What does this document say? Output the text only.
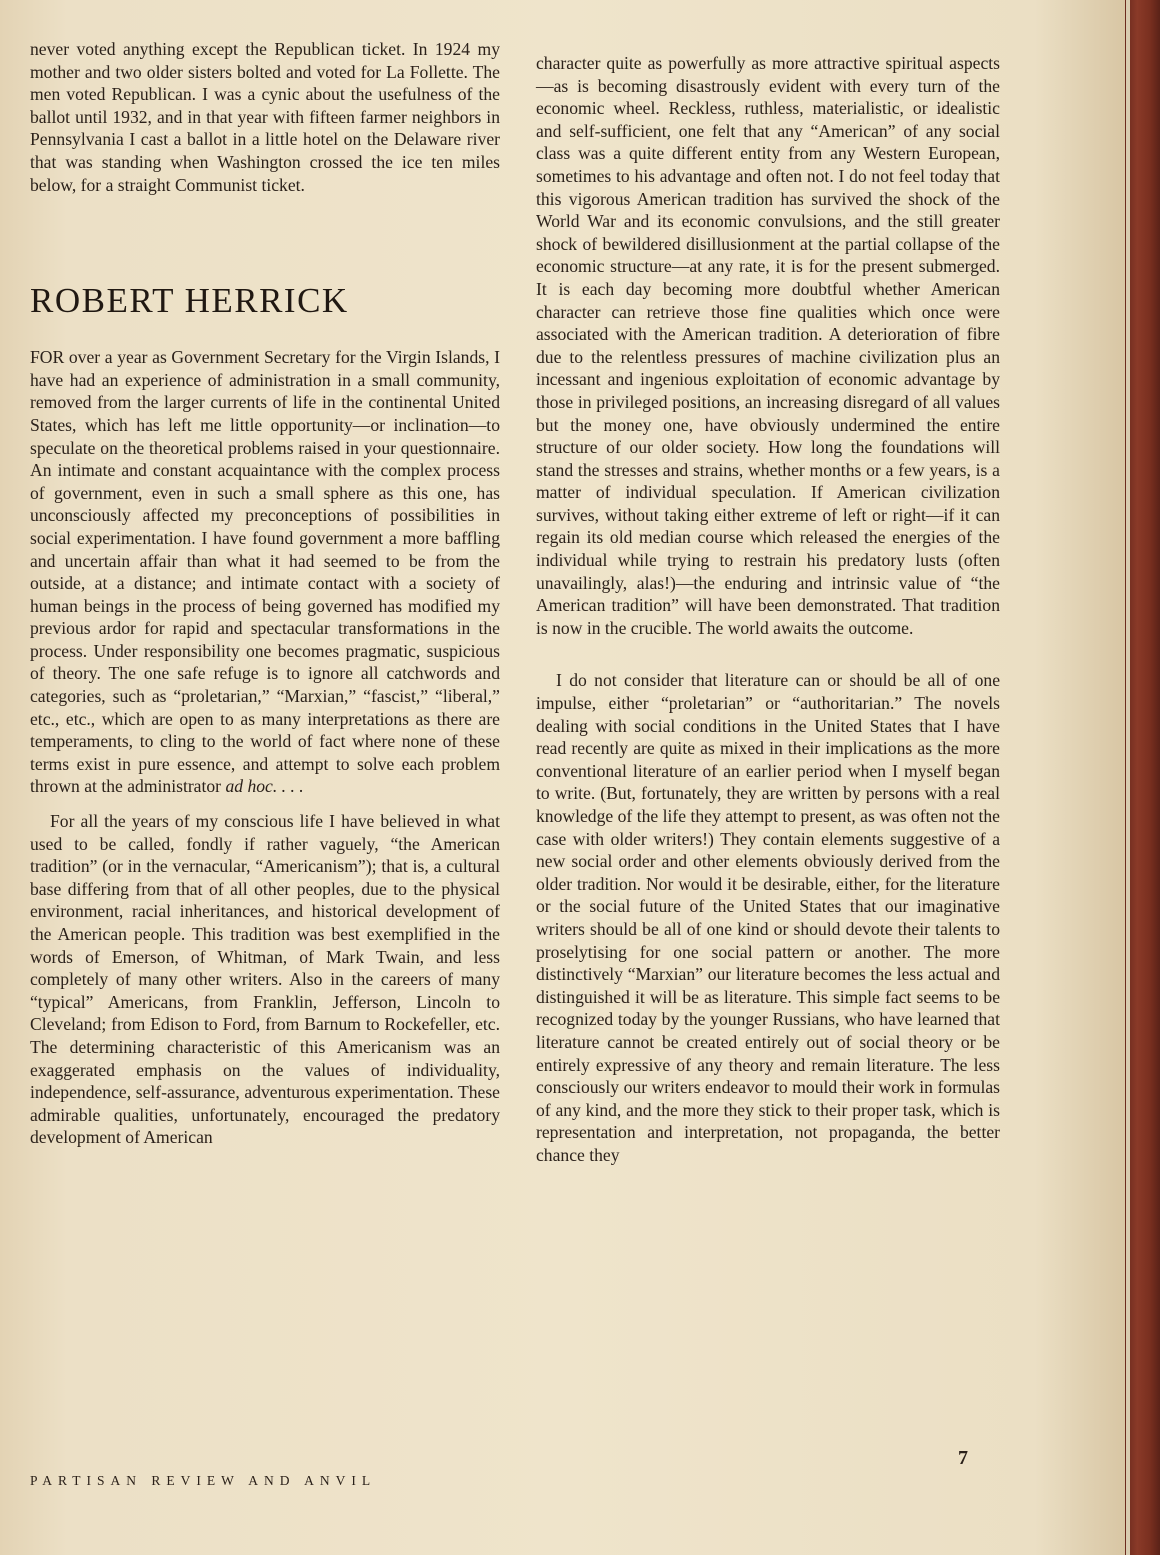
never voted anything except the Republican ticket. In 1924 my mother and two older sisters bolted and voted for La Follette. The men voted Republican. I was a cynic about the usefulness of the ballot until 1932, and in that year with fifteen farmer neighbors in Pennsylvania I cast a ballot in a little hotel on the Delaware river that was standing when Washington crossed the ice ten miles below, for a straight Communist ticket.

ROBERT HERRICK

FOR over a year as Government Secretary for the Virgin Islands, I have had an experience of administration in a small community, removed from the larger currents of life in the continental United States, which has left me little opportunity—or inclination—to speculate on the theoretical problems raised in your questionnaire. An intimate and constant acquaintance with the complex process of government, even in such a small sphere as this one, has unconsciously affected my preconceptions of possibilities in social experimentation. I have found government a more baffling and uncertain affair than what it had seemed to be from the outside, at a distance; and intimate contact with a society of human beings in the process of being governed has modified my previous ardor for rapid and spectacular transformations in the process. Under responsibility one becomes pragmatic, suspicious of theory. The one safe refuge is to ignore all catchwords and categories, such as “proletarian,” “Marxian,” “fascist,” “liberal,” etc., etc., which are open to as many interpretations as there are temperaments, to cling to the world of fact where none of these terms exist in pure essence, and attempt to solve each problem thrown at the administrator ad hoc. . . .

For all the years of my conscious life I have believed in what used to be called, fondly if rather vaguely, “the American tradition” (or in the vernacular, “Americanism”); that is, a cultural base differing from that of all other peoples, due to the physical environment, racial inheritances, and historical development of the American people. This tradition was best exemplified in the words of Emerson, of Whitman, of Mark Twain, and less completely of many other writers. Also in the careers of many “typical” Americans, from Franklin, Jefferson, Lincoln to Cleveland; from Edison to Ford, from Barnum to Rockefeller, etc. The determining characteristic of this Americanism was an exaggerated emphasis on the values of individuality, independence, self-assurance, adventurous experimentation. These admirable qualities, unfortunately, encouraged the predatory development of American

PARTISAN REVIEW AND ANVIL

character quite as powerfully as more attractive spiritual aspects—as is becoming disastrously evident with every turn of the economic wheel. Reckless, ruthless, materialistic, or idealistic and self-sufficient, one felt that any “American” of any social class was a quite different entity from any Western European, sometimes to his advantage and often not. I do not feel today that this vigorous American tradition has survived the shock of the World War and its economic convulsions, and the still greater shock of bewildered disillusionment at the partial collapse of the economic structure—at any rate, it is for the present submerged. It is each day becoming more doubtful whether American character can retrieve those fine qualities which once were associated with the American tradition. A deterioration of fibre due to the relentless pressures of machine civilization plus an incessant and ingenious exploitation of economic advantage by those in privileged positions, an increasing disregard of all values but the money one, have obviously undermined the entire structure of our older society. How long the foundations will stand the stresses and strains, whether months or a few years, is a matter of individual speculation. If American civilization survives, without taking either extreme of left or right—if it can regain its old median course which released the energies of the individual while trying to restrain his predatory lusts (often unavailingly, alas!)—the enduring and intrinsic value of “the American tradition” will have been demonstrated. That tradition is now in the crucible. The world awaits the outcome.

I do not consider that literature can or should be all of one impulse, either “proletarian” or “authoritarian.” The novels dealing with social conditions in the United States that I have read recently are quite as mixed in their implications as the more conventional literature of an earlier period when I myself began to write. (But, fortunately, they are written by persons with a real knowledge of the life they attempt to present, as was often not the case with older writers!) They contain elements suggestive of a new social order and other elements obviously derived from the older tradition. Nor would it be desirable, either, for the literature or the social future of the United States that our imaginative writers should be all of one kind or should devote their talents to proselytising for one social pattern or another. The more distinctively “Marxian” our literature becomes the less actual and distinguished it will be as literature. This simple fact seems to be recognized today by the younger Russians, who have learned that literature cannot be created entirely out of social theory or be entirely expressive of any theory and remain literature. The less consciously our writers endeavor to mould their work in formulas of any kind, and the more they stick to their proper task, which is representation and interpretation, not propaganda, the better chance they

7
